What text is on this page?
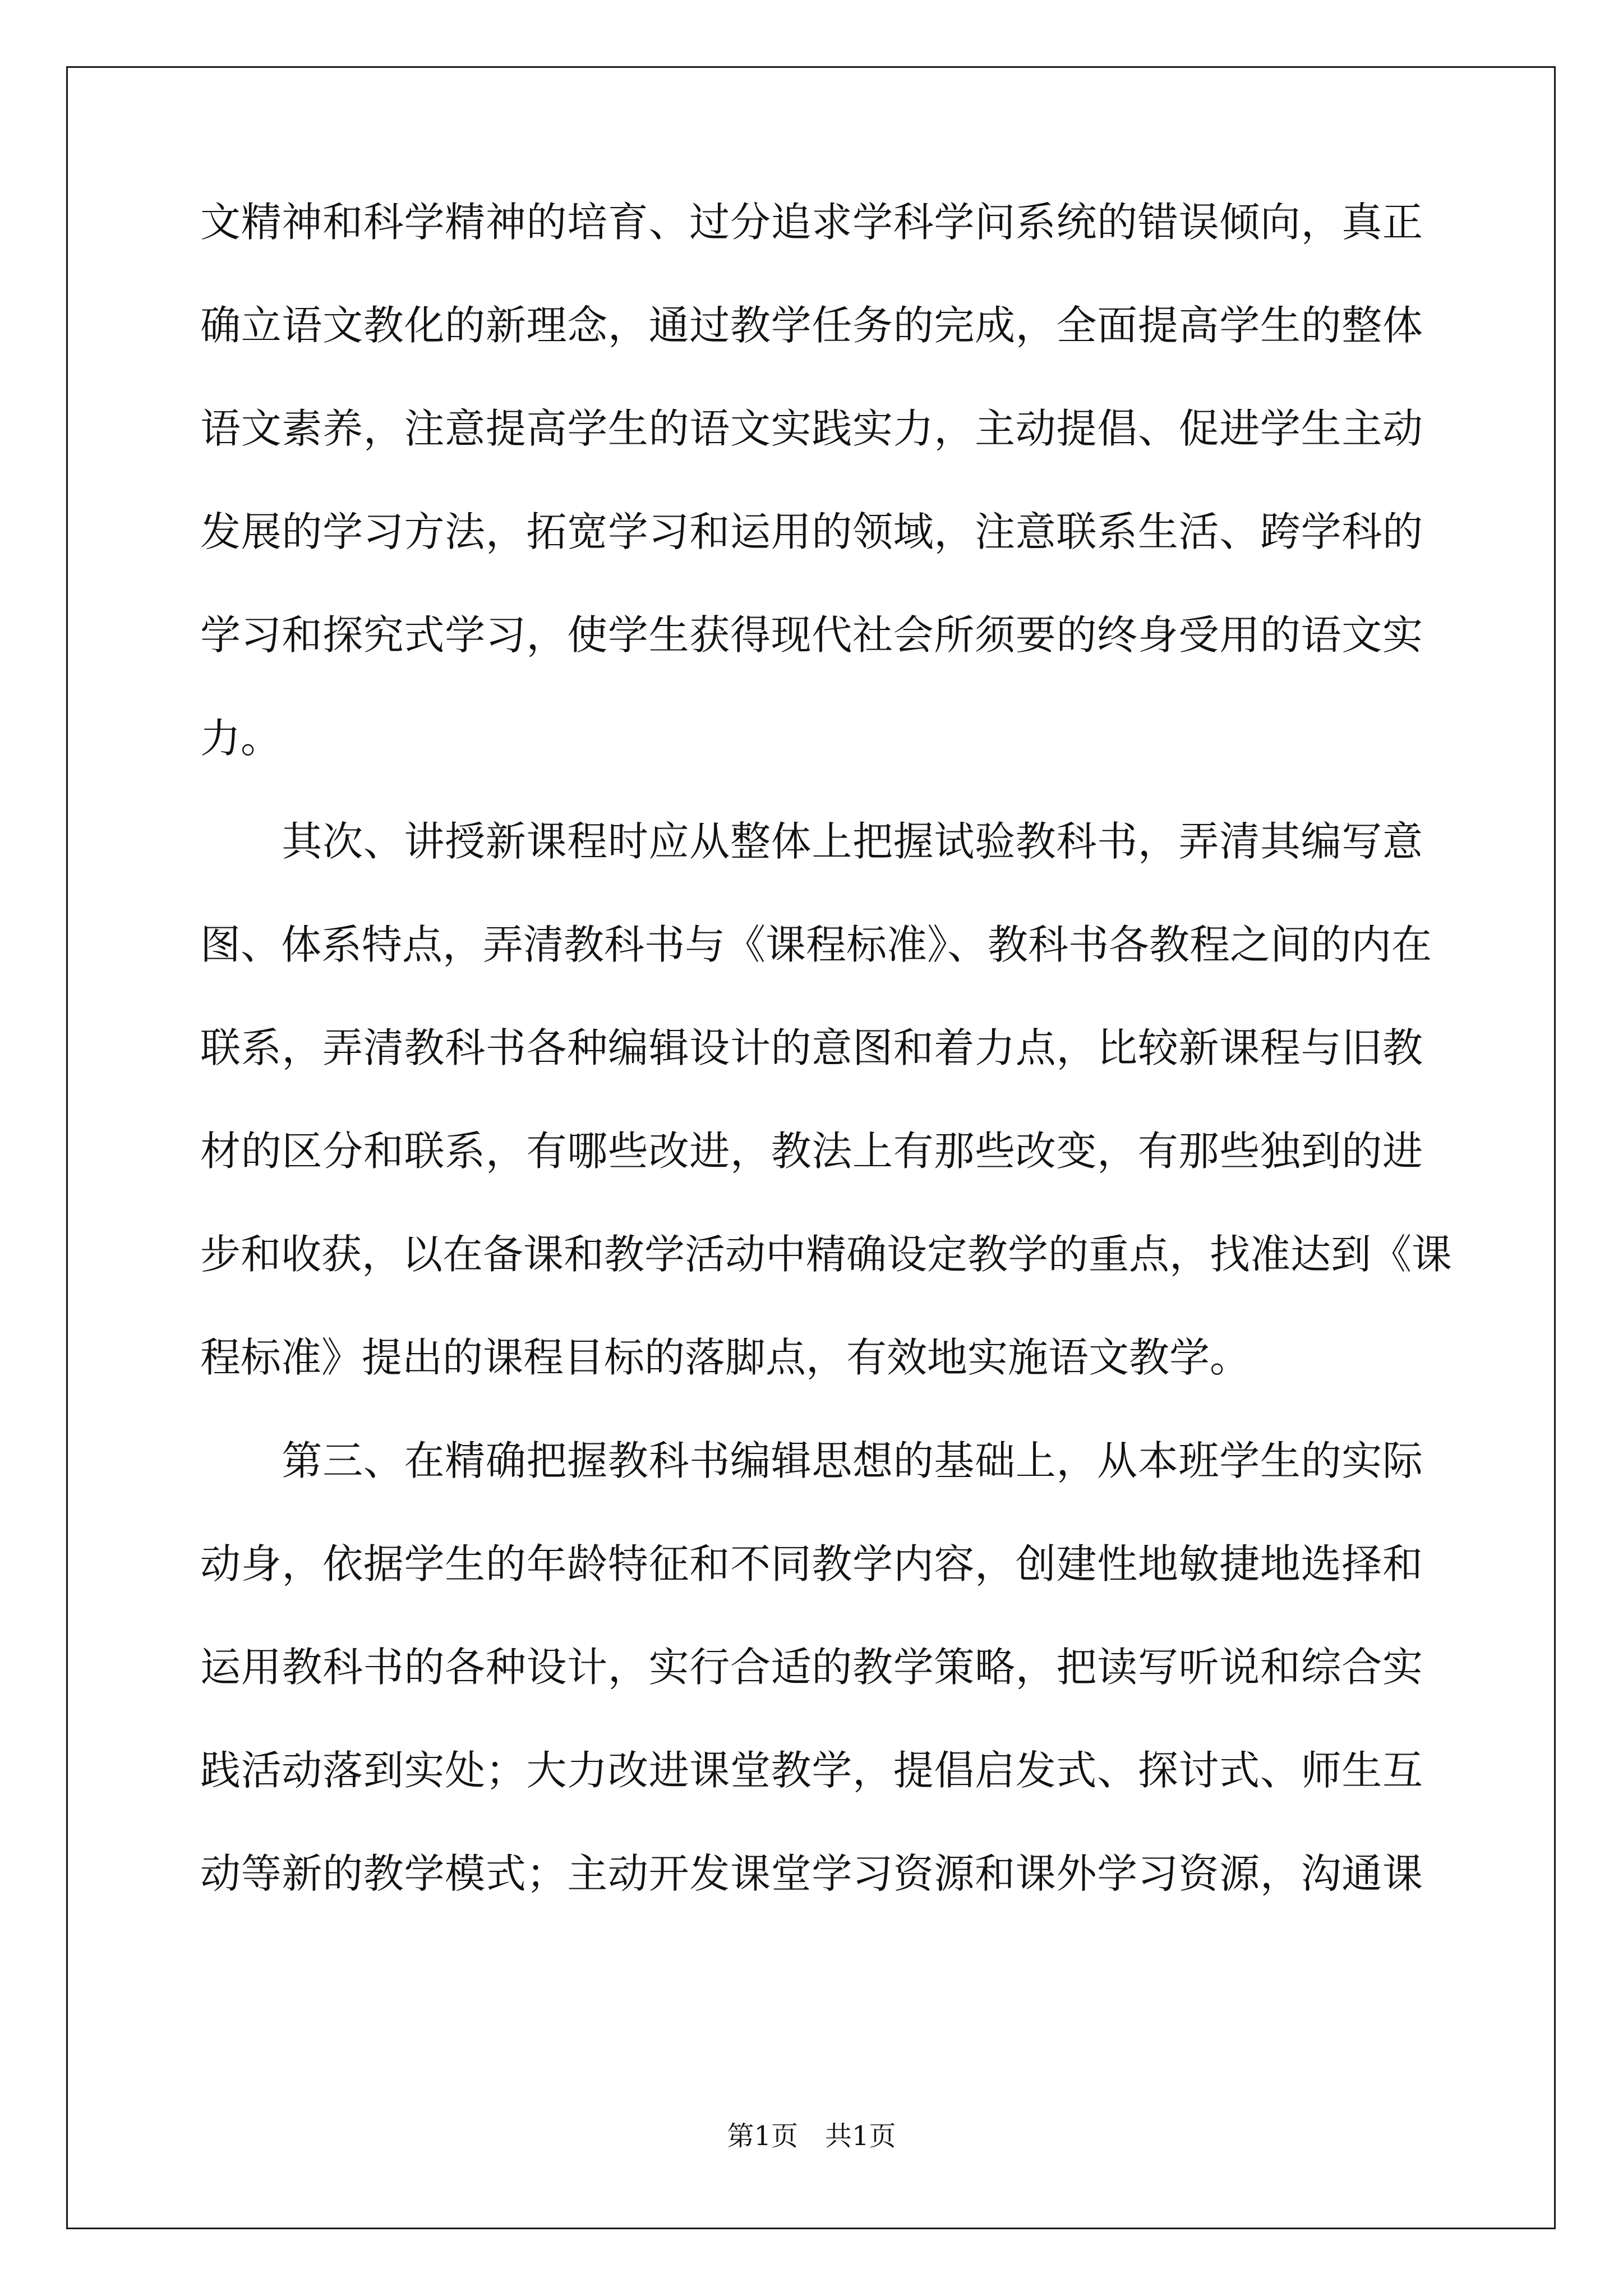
文精神和科学精神的培育、过分追求学科学问系统的错误倾向，真正
确立语文教化的新理念，通过教学任务的完成，全面提高学生的整体
语文素养，注意提高学生的语文实践实力，主动提倡、促进学生主动
发展的学习方法，拓宽学习和运用的领域，注意联系生活、跨学科的
学习和探究式学习，使学生获得现代社会所须要的终身受用的语文实
力。
　　其次、讲授新课程时应从整体上把握试验教科书，弄清其编写意
图、体系特点，弄清教科书与《课程标准》、教科书各教程之间的内在
联系，弄清教科书各种编辑设计的意图和着力点，比较新课程与旧教
材的区分和联系，有哪些改进，教法上有那些改变，有那些独到的进
步和收获，以在备课和教学活动中精确设定教学的重点，找准达到《课
程标准》提出的课程目标的落脚点，有效地实施语文教学。
　　第三、在精确把握教科书编辑思想的基础上，从本班学生的实际
动身，依据学生的年龄特征和不同教学内容，创建性地敏捷地选择和
运用教科书的各种设计，实行合适的教学策略，把读写听说和综合实
践活动落到实处；大力改进课堂教学，提倡启发式、探讨式、师生互
动等新的教学模式；主动开发课堂学习资源和课外学习资源，沟通课
第1页 共1页
